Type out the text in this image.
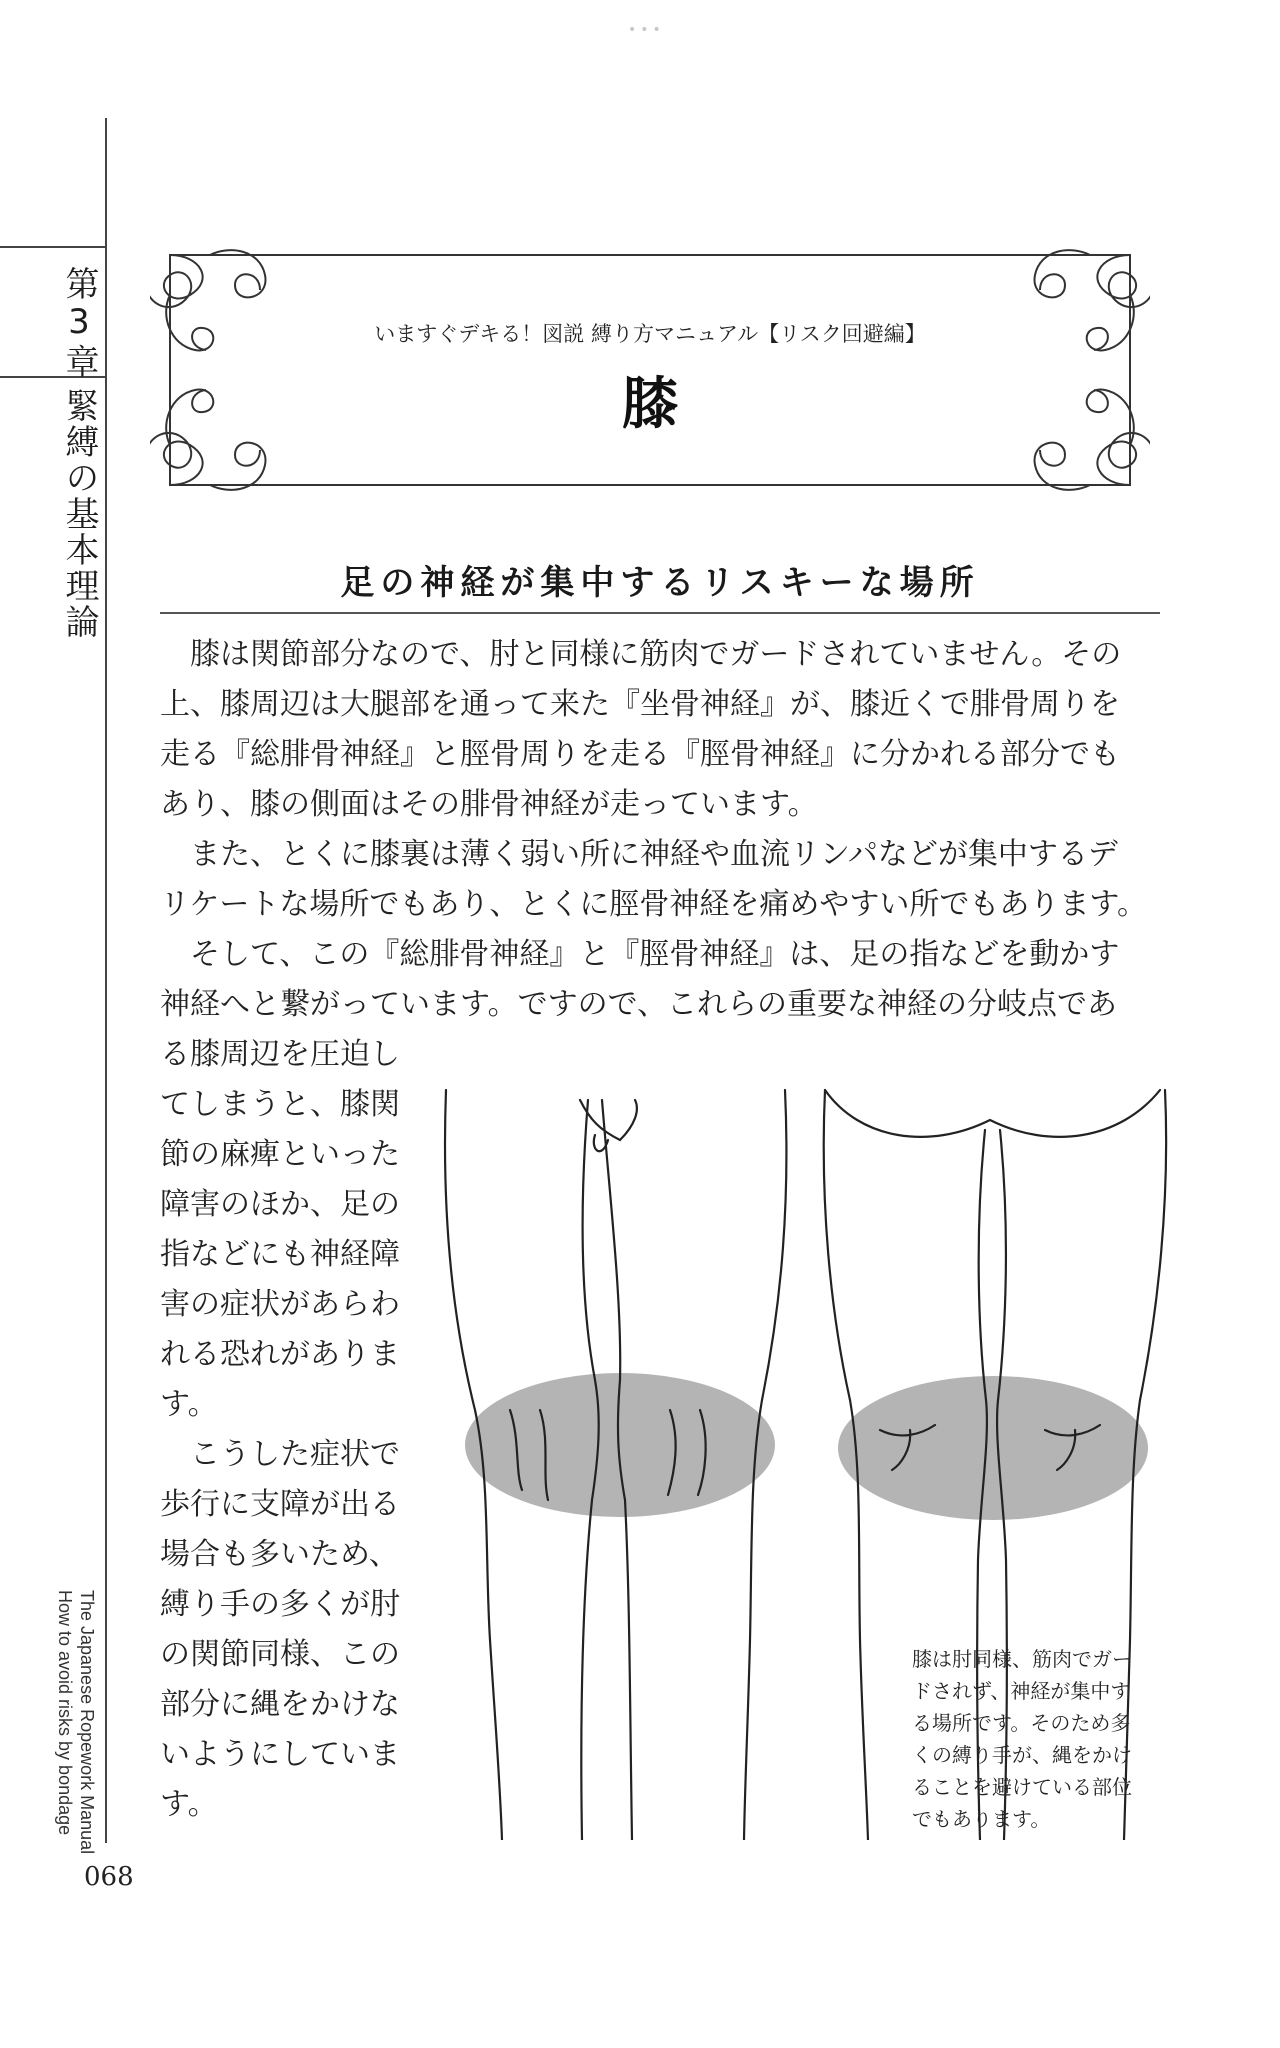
•••
第3章
緊縛の基本理論
The Japanese Ropework Manual
How to avoid risks by bondage
いますぐデキる！図説 縛り方マニュアル【リスク回避編】
膝
足の神経が集中するリスキーな場所
　膝は関節部分なので、肘と同様に筋肉でガードされていません。その
上、膝周辺は大腿部を通って来た『坐骨神経』が、膝近くで腓骨周りを
走る『総腓骨神経』と脛骨周りを走る『脛骨神経』に分かれる部分でも
あり、膝の側面はその腓骨神経が走っています。
　また、とくに膝裏は薄く弱い所に神経や血流リンパなどが集中するデ
リケートな場所でもあり、とくに脛骨神経を痛めやすい所でもあります。
　そして、この『総腓骨神経』と『脛骨神経』は、足の指などを動かす
神経へと繋がっています。ですので、これらの重要な神経の分岐点であ
る膝周辺を圧迫し
てしまうと、膝関
節の麻痺といった
障害のほか、足の
指などにも神経障
害の症状があらわ
れる恐れがありま
す。
　こうした症状で
歩行に支障が出る
場合も多いため、
縛り手の多くが肘
の関節同様、この
部分に縄をかけな
いようにしていま
す。
膝は肘同様、筋肉でガー
ドされず、神経が集中す
る場所です。そのため多
くの縛り手が、縄をかけ
ることを避けている部位
でもあります。
068
